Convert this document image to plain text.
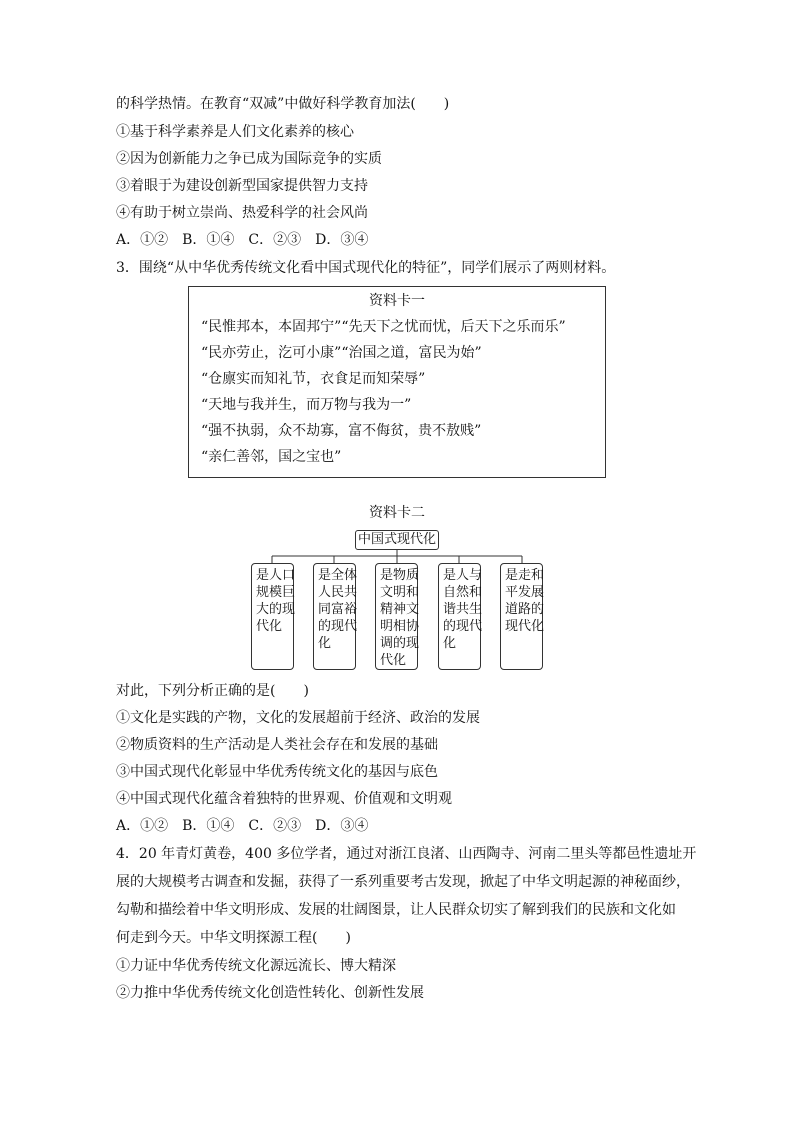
的科学热情。在教育“双减”中做好科学教育加法(　　)
①基于科学素养是人们文化素养的核心
②因为创新能力之争已成为国际竞争的实质
③着眼于为建设创新型国家提供智力支持
④有助于树立崇尚、热爱科学的社会风尚
A．①②　B．①④　C．②③　D．③④
3．围绕“从中华优秀传统文化看中国式现代化的特征”，同学们展示了两则材料。
资料卡一
“民惟邦本，本固邦宁”“先天下之忧而忧，后天下之乐而乐”
“民亦劳止，汔可小康”“治国之道，富民为始”
“仓廪实而知礼节，衣食足而知荣辱”
“天地与我并生，而万物与我为一”
“强不执弱，众不劫寡，富不侮贫，贵不敖贱”
“亲仁善邻，国之宝也”
资料卡二
中国式现代化
是人口规模巨大的现代化
是全体人民共同富裕的现代化
是物质文明和精神文明相协调的现代化
是人与自然和谐共生的现代化
是走和平发展道路的现代化
对此，下列分析正确的是(　　)
①文化是实践的产物，文化的发展超前于经济、政治的发展
②物质资料的生产活动是人类社会存在和发展的基础
③中国式现代化彰显中华优秀传统文化的基因与底色
④中国式现代化蕴含着独特的世界观、价值观和文明观
A．①②　B．①④　C．②③　D．③④
4．20 年青灯黄卷，400 多位学者，通过对浙江良渚、山西陶寺、河南二里头等都邑性遗址开
展的大规模考古调查和发掘，获得了一系列重要考古发现，掀起了中华文明起源的神秘面纱，
勾勒和描绘着中华文明形成、发展的壮阔图景，让人民群众切实了解到我们的民族和文化如
何走到今天。中华文明探源工程(　　)
①力证中华优秀传统文化源远流长、博大精深
②力推中华优秀传统文化创造性转化、创新性发展
